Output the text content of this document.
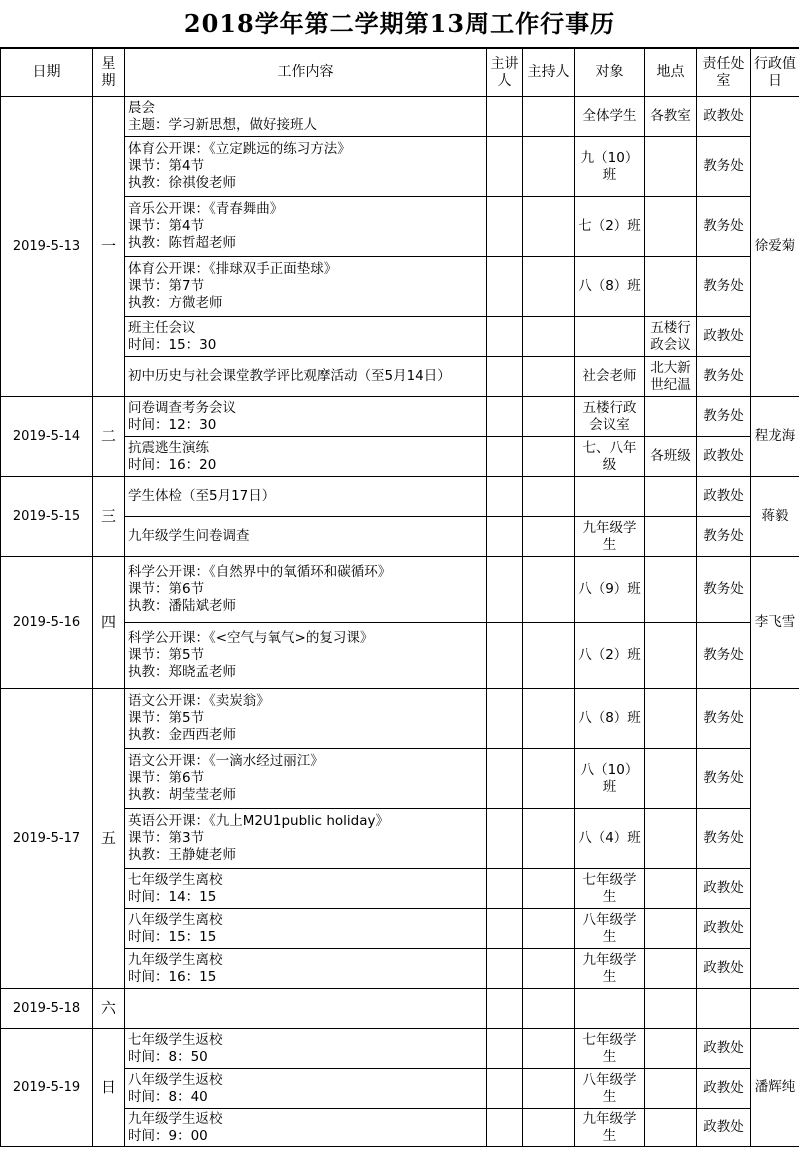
2018学年第二学期第13周工作行事历
日期	星期	工作内容	主讲人	主持人	对象	地点	责任处室	行政值日
2019-5-13	一	晨会
主题：学习新思想，做好接班人			全体学生	各教室	政教处	徐爱菊

		体育公开课：《立定跳远的练习方法》
课节：第4节
执教：徐祺俊老师			九（10）班		教务处	

		音乐公开课：《青春舞曲》
课节：第4节
执教：陈哲超老师			七（2）班		教务处	

		体育公开课：《排球双手正面垫球》
课节：第7节
执教：方微老师			八（8）班		教务处	

		班主任会议
时间：15：30				五楼行政会议	政教处	

		初中历史与社会课堂教学评比观摩活动（至5月14日）			社会老师	北大新世纪温	教务处	
2019-5-14	二	问卷调查考务会议
时间：12：30			五楼行政会议室		教务处	程龙海

		抗震逃生演练
时间：16：20			七、八年级	各班级	政教处	
2019-5-15	三	学生体检（至5月17日）					政教处	蒋毅

		九年级学生问卷调查			九年级学生		教务处	
2019-5-16	四	科学公开课：《自然界中的氧循环和碳循环》
课节：第6节
执教：潘陆斌老师			八（9）班		教务处	李飞雪

		科学公开课：《<空气与氧气>的复习课》
课节：第5节
执教：郑晓孟老师			八（2）班		教务处	
2019-5-17	五	语文公开课：《卖炭翁》
课节：第5节
执教：金西西老师			八（8）班		教务处	

		语文公开课：《一滴水经过丽江》
课节：第6节
执教：胡莹莹老师			八（10）班		教务处	

		英语公开课：《九上M2U1public holiday》
课节：第3节
执教：王静婕老师			八（4）班		教务处	

		七年级学生离校
时间：14：15			七年级学生		政教处	

		八年级学生离校
时间：15：15			八年级学生		政教处	

		九年级学生离校
时间：16：15			九年级学生		政教处	
2019-5-18	六							
2019-5-19	日	七年级学生返校
时间：8：50			七年级学生		政教处	潘辉纯

		八年级学生返校
时间：8：40			八年级学生		政教处	

		九年级学生返校
时间：9：00			九年级学生		政教处	
